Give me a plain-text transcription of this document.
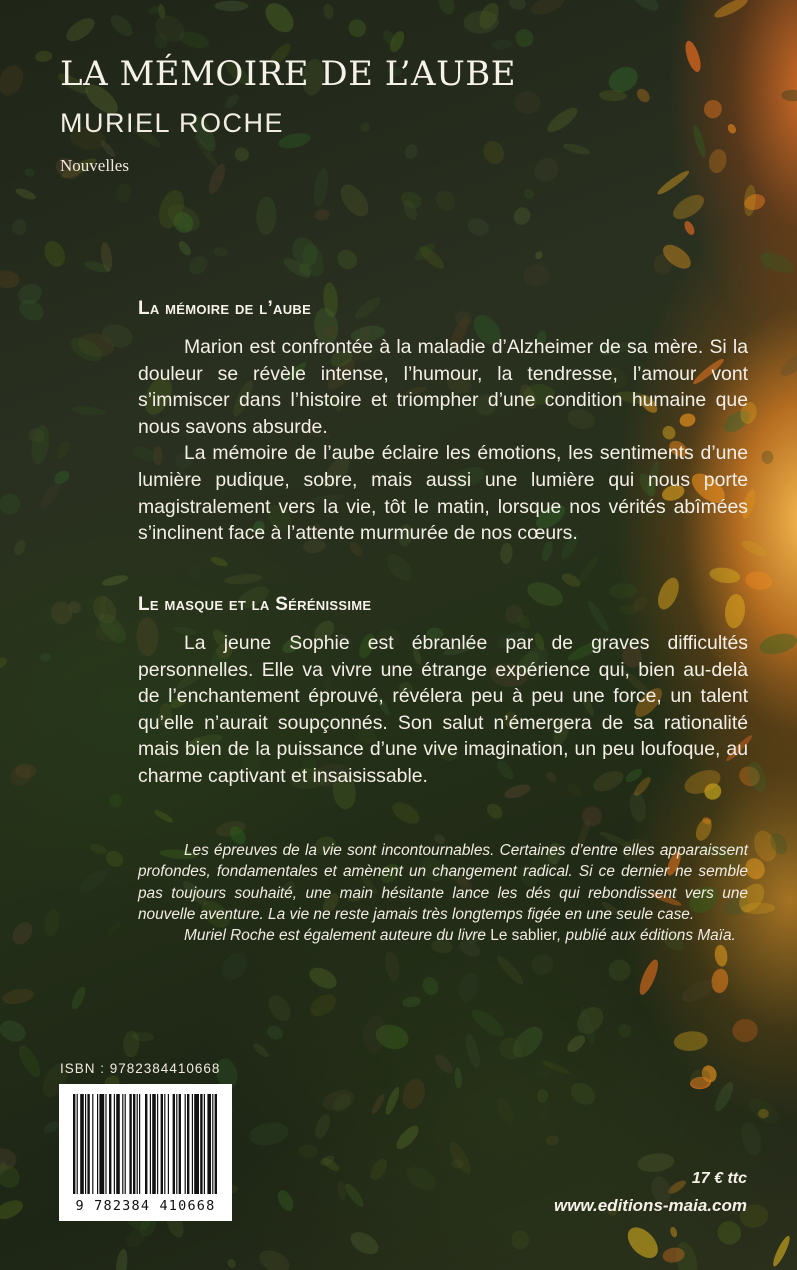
LA MÉMOIRE DE L’AUBE
MURIEL ROCHE
Nouvelles
La mémoire de l’aube

Marion est confrontée à la maladie d’Alzheimer de sa mère. Si la douleur se révèle intense, l’humour, la tendresse, l’amour vont s’immiscer dans l’histoire et triompher d’une condition humaine que nous savons absurde.

La mémoire de l’aube éclaire les émotions, les sentiments d’une lumière pudique, sobre, mais aussi une lumière qui nous porte magistralement vers la vie, tôt le matin, lorsque nos vérités abîmées s’inclinent face à l’attente murmurée de nos cœurs.

Le masque et la Sérénissime

La jeune Sophie est ébranlée par de graves difficultés personnelles. Elle va vivre une étrange expérience qui, bien au-delà de l’enchantement éprouvé, révélera peu à peu une force, un talent qu’elle n’aurait soupçonnés. Son salut n’émergera de sa rationalité mais bien de la puissance d’une vive imagination, un peu loufoque, au charme captivant et insaisissable.

Les épreuves de la vie sont incontournables. Certaines d’entre elles apparaissent profondes, fondamentales et amènent un changement radical. Si ce dernier ne semble pas toujours souhaité, une main hésitante lance les dés qui rebondissent vers une nouvelle aventure. La vie ne reste jamais très longtemps figée en une seule case.

Muriel Roche est également auteure du livre Le sablier, publié aux éditions Maïa.

ISBN : 9782384410668
9 782384 410668
17 € ttc
www.editions-maia.com
